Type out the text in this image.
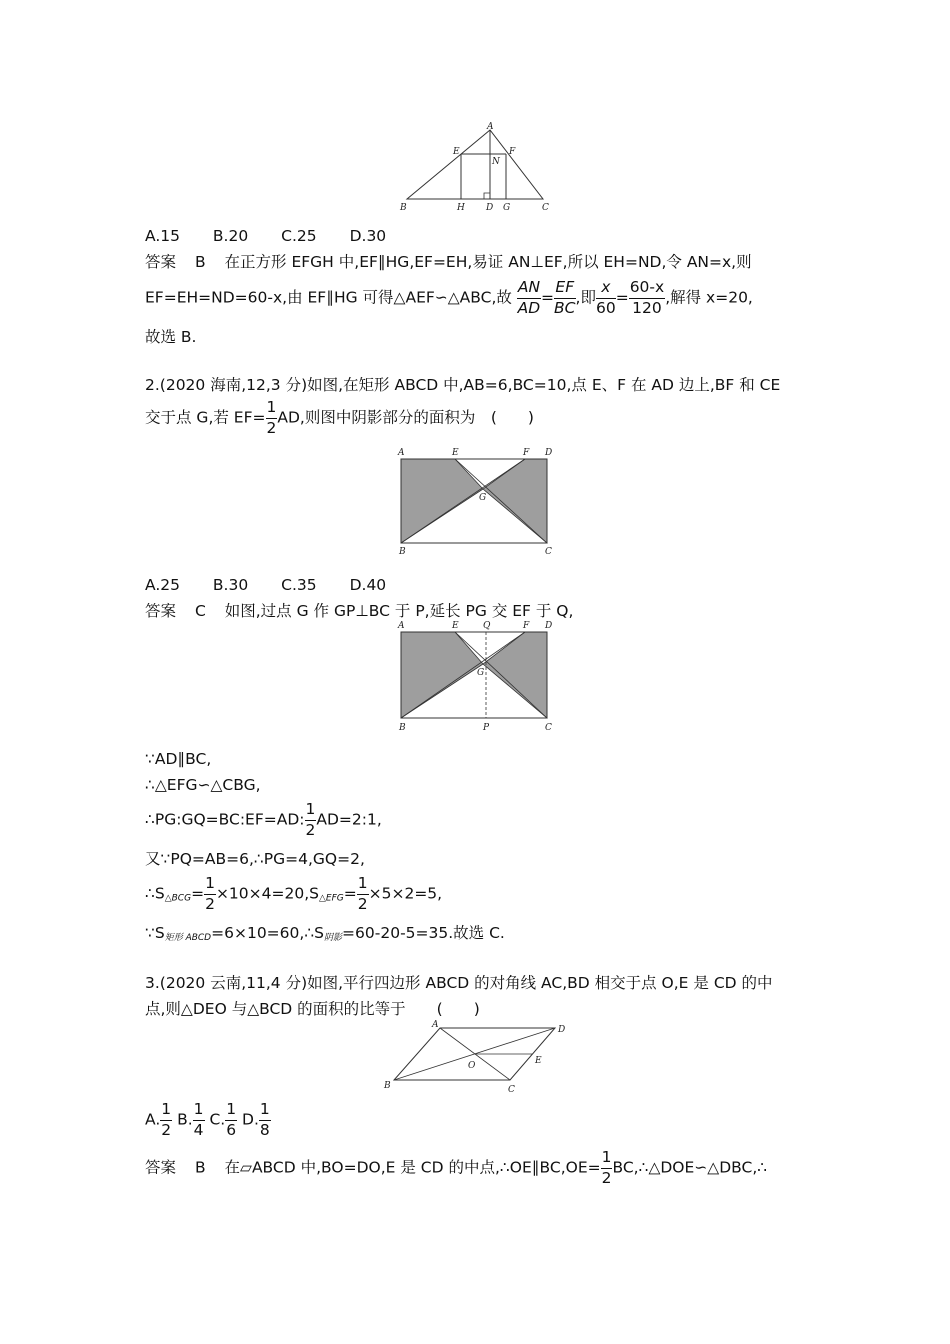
A
E	F
N
B	H D G	C
A.15 B.20 C.25 D.30
答案 B 在正方形 EFGH 中,EF∥HG,EF=EH,易证 AN⊥EF,所以 EH=ND,令 AN=x,则
EF=EH=ND=60-x,由 EF∥HG 可得△AEF∽△ABC,故 $\frac{AN}{AD} = \frac{EF}{BC}$ ,即 $\frac{x}{60} = \frac{60-x}{120}$ ,解得 x=20,
故选 B.
2.(2020 海南,12,3 分)如图,在矩形 ABCD 中,AB=6,BC=10,点 E、F 在 AD 边上,BF 和 CE
交于点 G,若 $EF= \frac{1}{2}$ AD,则图中阴影部分的面积为　(　　)
A	E	F D
G
B	C
A.25 B.30 C.35 D.40
答案 C 如图,过点 G 作 GP⊥BC 于 P,延长 PG 交 EF 于 Q,
A	E	Q	F D
G
B	P	C
∵AD∥BC,
∴△EFG∽△CBG,
∴PG:GQ=BC:EF=AD: $\frac{1}{2}$ AD=2:1,
又∵PQ=AB=6,∴PG=4,GQ=2,
$\therefore S_{\triangle BCG}= \frac{1}{2} \times 10\times 4=20,S_{\triangle EFG}= \frac{1}{2} \times 5\times 2=5$,
$\because S_{矩形 ABCD}=6\times 10=60,\therefore S_{阴影}=60-20-5=35$.故选 C.
3.(2020 云南,11,4 分)如图,平行四边形 ABCD 的对角线 AC,BD 相交于点 O,E 是 CD 的中
点,则△DEO 与△BCD 的面积的比等于　　(　　)
A	D
O	E
B	C
A. $\frac{1}{2} B$. $\frac{1}{4} C$. $\frac{1}{6} D$. $\frac{1}{8}$
答案 B 在▱ABCD 中,BO=DO,E 是 CD 的中点,∴OE∥BC,OE= $\frac{1}{2}$ BC,∴△DOE∽△DBC,∴
